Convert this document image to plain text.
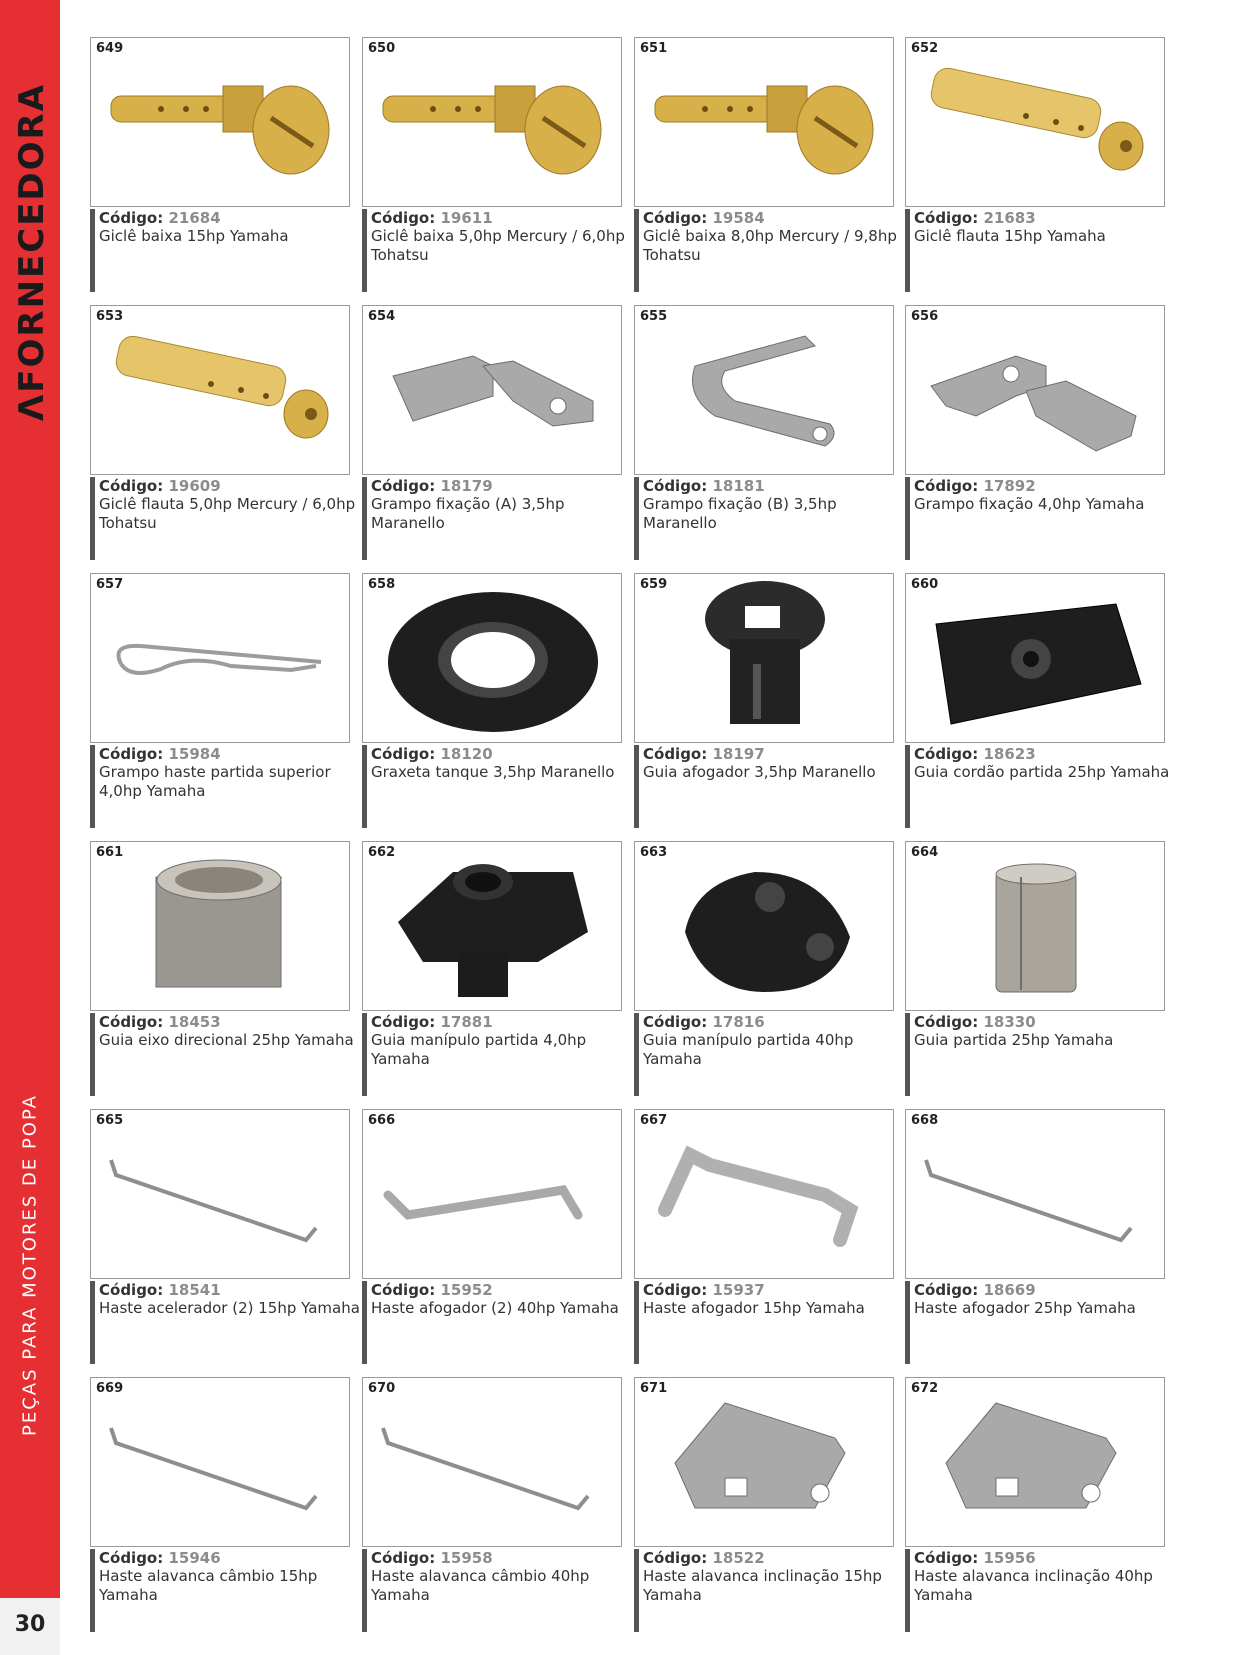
ΛFORNECEDORA
PEÇAS PARA MOTORES DE POPA
30
649
Código: 21684
Giclê baixa 15hp Yamaha
650
Código: 19611
Giclê baixa 5,0hp Mercury / 6,0hp Tohatsu
651
Código: 19584
Giclê baixa 8,0hp Mercury / 9,8hp Tohatsu
652
Código: 21683
Giclê flauta 15hp Yamaha
653
Código: 19609
Giclê flauta 5,0hp Mercury / 6,0hp Tohatsu
654
Código: 18179
Grampo fixação (A) 3,5hp Maranello
655
Código: 18181
Grampo fixação (B) 3,5hp Maranello
656
Código: 17892
Grampo fixação 4,0hp Yamaha
657
Código: 15984
Grampo haste partida superior 4,0hp Yamaha
658
Código: 18120
Graxeta tanque 3,5hp Maranello
659
Código: 18197
Guia afogador 3,5hp Maranello
660
Código: 18623
Guia cordão partida 25hp Yamaha
661
Código: 18453
Guia eixo direcional 25hp Yamaha
662
Código: 17881
Guia manípulo partida 4,0hp Yamaha
663
Código: 17816
Guia manípulo partida 40hp Yamaha
664
Código: 18330
Guia partida 25hp Yamaha
665
Código: 18541
Haste acelerador (2) 15hp Yamaha
666
Código: 15952
Haste afogador (2) 40hp Yamaha
667
Código: 15937
Haste afogador 15hp Yamaha
668
Código: 18669
Haste afogador 25hp Yamaha
669
Código: 15946
Haste alavanca câmbio 15hp Yamaha
670
Código: 15958
Haste alavanca câmbio 40hp Yamaha
671
Código: 18522
Haste alavanca inclinação 15hp Yamaha
672
Código: 15956
Haste alavanca inclinação 40hp Yamaha
